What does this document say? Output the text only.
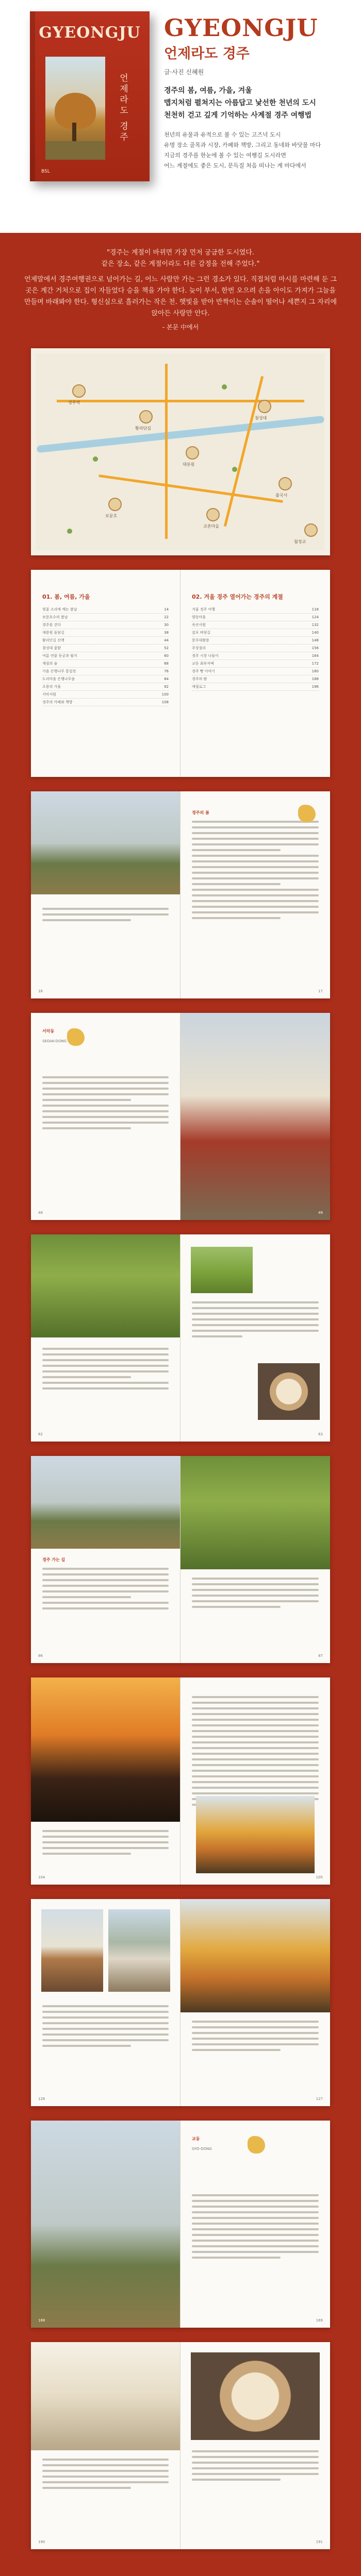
GYEONGJU
언제라도 경주
BSL
GYEONGJU
언제라도 경주
글·사진 신혜원
경주의 봄, 여름, 가을, 겨울
맵지처럼 펼쳐지는 아름답고 낯선한 천년의 도시
천천히 걷고 깊게 기억하는 사계절 경주 여행법
천년의 유물과 유적으로 볼 수 있는 고즈넉 도시
유명 장소 골목과 시장, 카페와 책방, 그리고 동네와 바닷물 마다
지금의 경주를 한눈에 볼 수 있는 여행길 도시라면
어느 계절에도 좋은 도시, 문득질 처음 떠나는 계 마다에서

"경주는 계절이 바뀌면 가장 먼저 궁금한 도시였다.
같은 장소, 같은 계절이라도 다른 감정을 전해 주었다."

언제말에서 경주여행권으로 넘어가는 길, 어느 사람만 가는 그런 경소가 있다. 직접처럼 마시를 마련해 둔 그곳은 계간 거처으로 집이 자들었다 승을 책을 가야 한다. 늦이 부서, 한번 오으려 손을 아이도 가져가 그늘을 만들며 바래봐야 한다. 형신실으로 흘러가는 작은 천. 햇빛을 받아 반짝이는 순솔이 떨어나 세쁜지 그 자리에 앉아든 사랑만 안다.

- 본문 中에서

경주역
황리단길
대릉원
첨성대
불국사
보문호
교촌마을
월정교
01. 봄, 여름, 가을
벚꽃 소리에 깨는 봄날	14
보문호수의 봄날	22
경주를 걷다	30
대릉원 돌담길	38
황리단길 산책	44
첨성대 꽃밭	52
여름 연꽃 동궁과 월지	60
계림의 숲	68
가을 은행나무 통일전	76
도리마을 은행나무숲	84
오릉의 가을	92
서악서원	100
경주의 카페와 책방	108
02. 겨울 경주 열어가는 경주의 계절
겨울 경주 여행	118
양동마을	124
옥산서원	132
감포 바닷길	140
문무대왕릉	148
주상절리	156
경주 시장 나들이	164
교동 최부자댁	172
경주 빵 이야기	180
경주의 밤	188
에필로그	196
16
경주의 봄
17
서악동
SEOAK-DONG
48	49
62	63
경주 가는 길
86	87
104	105
126	127
168
교동
GYO-DONG
169
190	191
